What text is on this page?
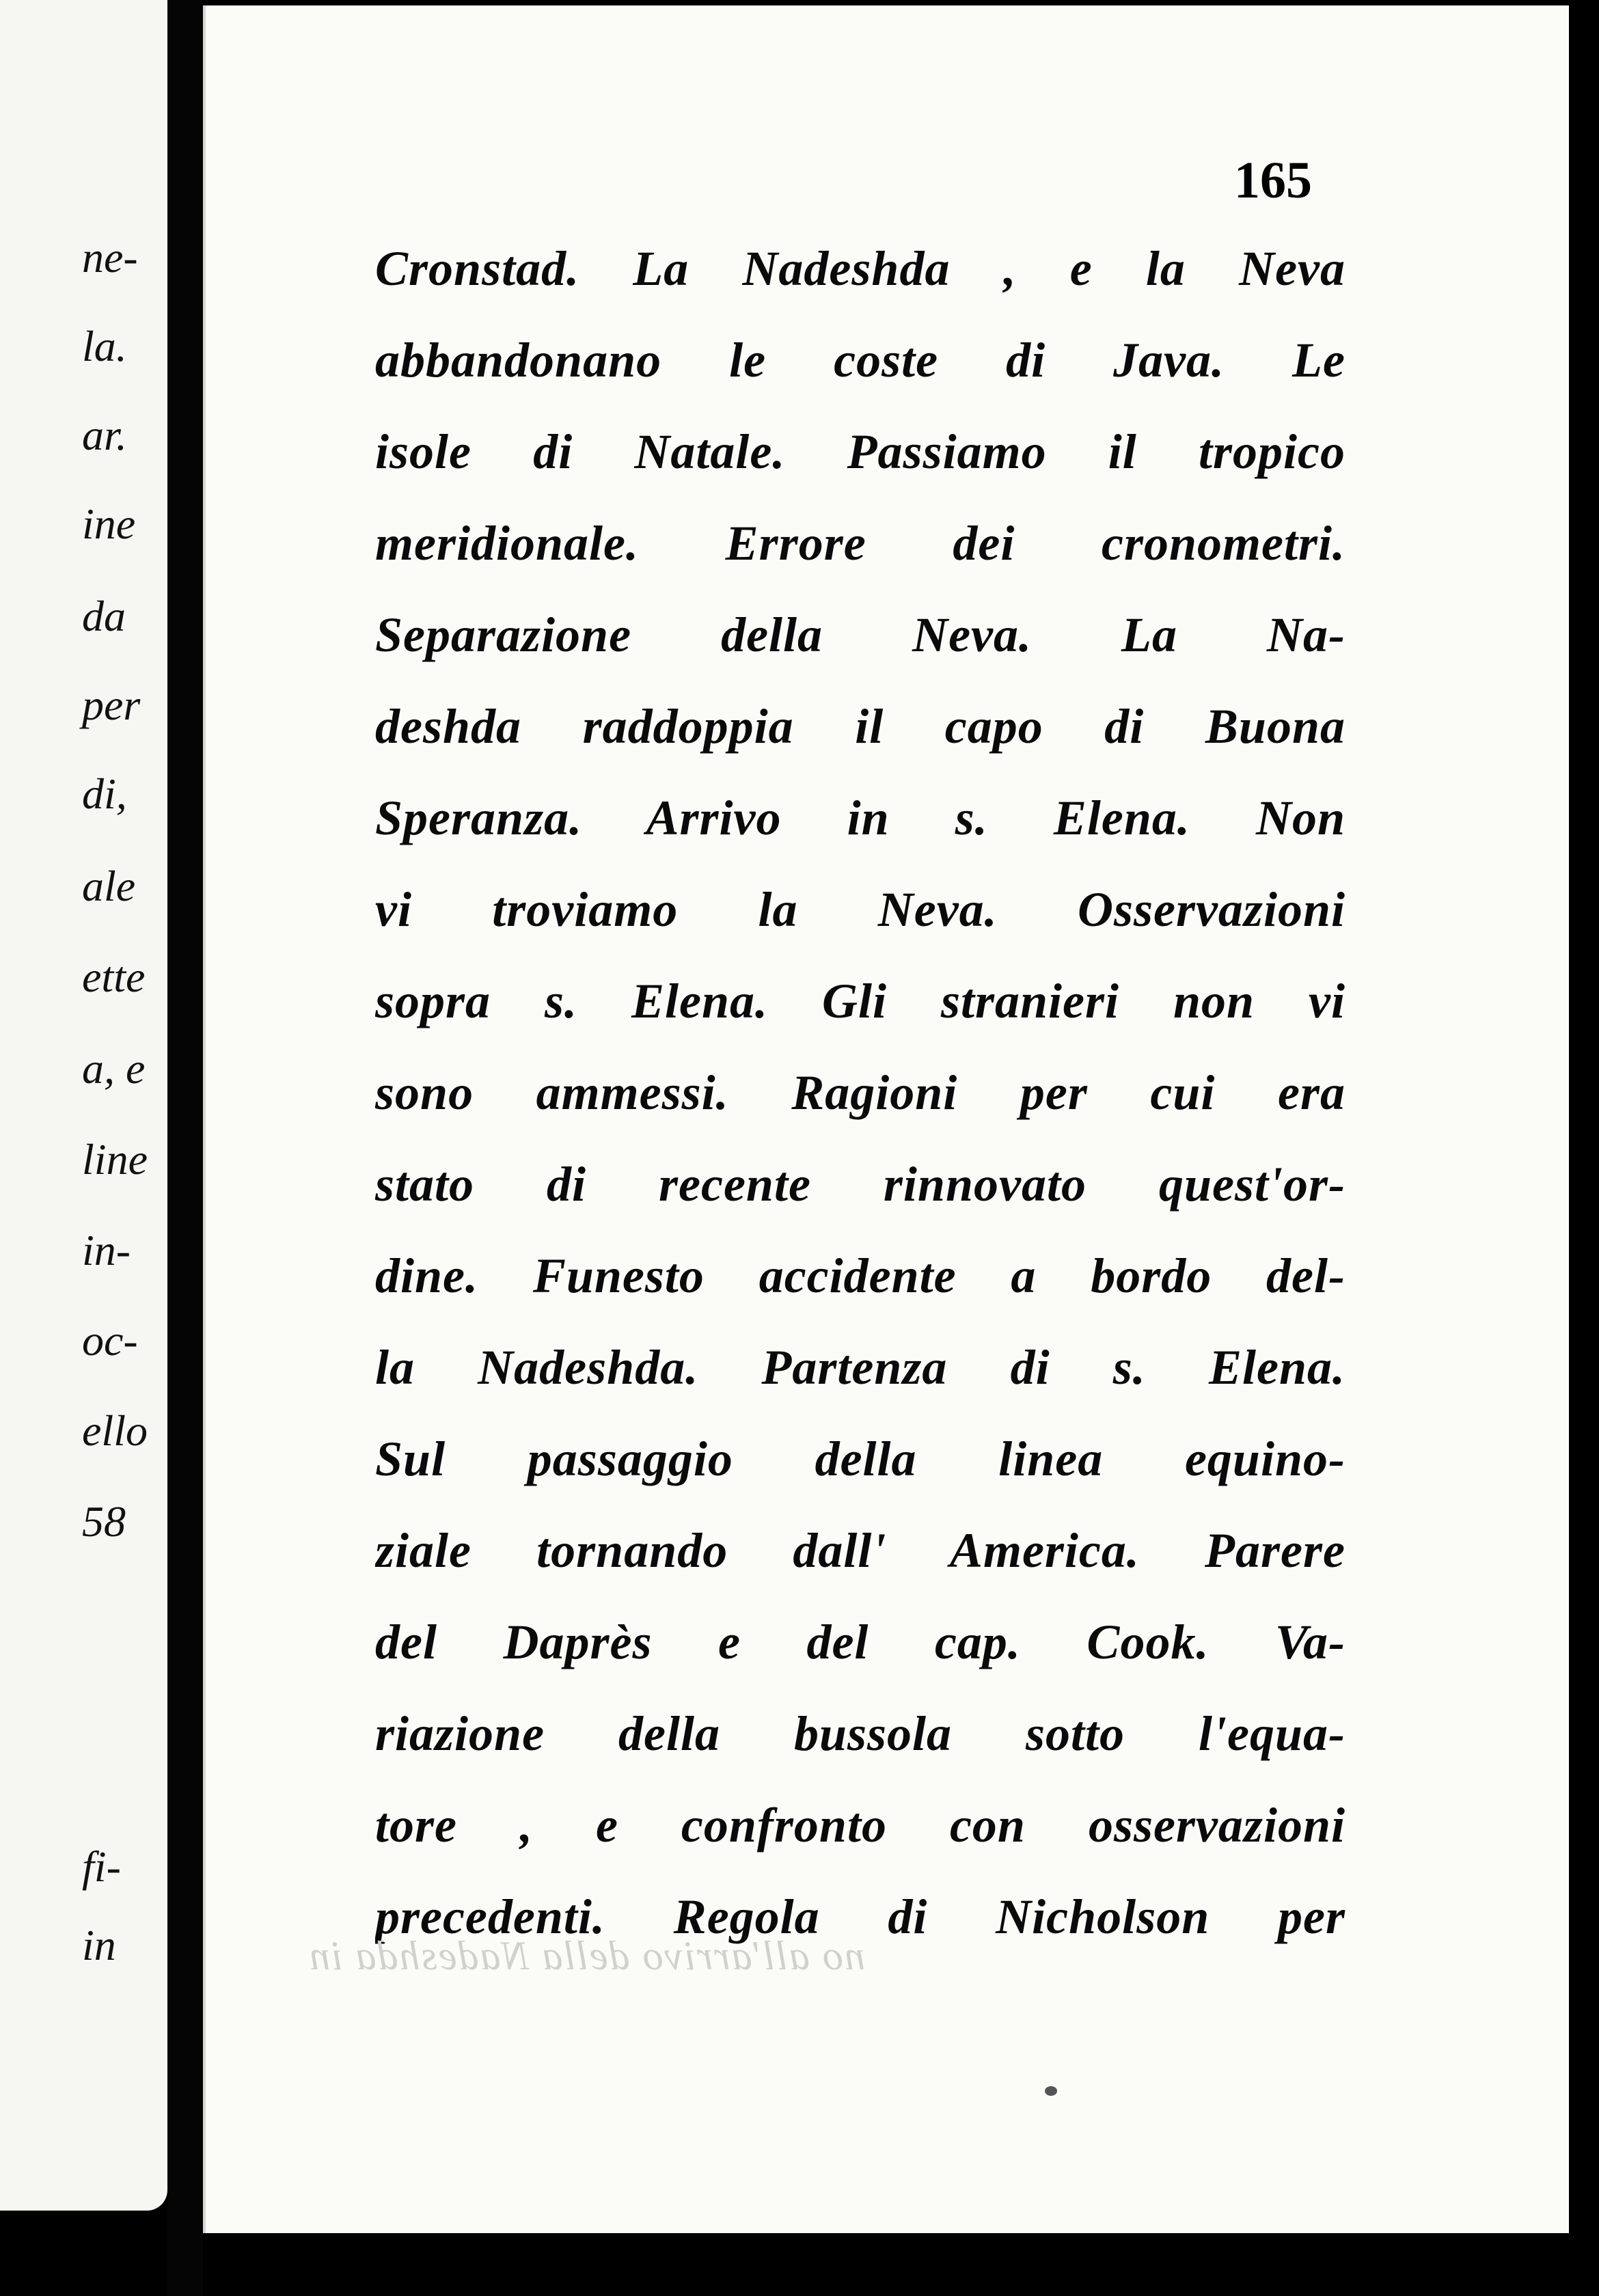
ne-
la.
ar.
ine
da
per
di,
ale
ette
a, e
line
in-
oc-
ello
58
fi-
in
165
Cronstad. La Nadeshda , e la Neva
abbandonano le coste di Java. Le
isole di Natale. Passiamo il tropico
meridionale. Errore dei cronometri.
Separazione della Neva. La Na-
deshda raddoppia il capo di Buona
Speranza. Arrivo in s. Elena. Non
vi troviamo la Neva. Osservazioni
sopra s. Elena. Gli stranieri non vi
sono ammessi. Ragioni per cui era
stato di recente rinnovato quest'or-
dine. Funesto accidente a bordo del-
la Nadeshda. Partenza di s. Elena.
Sul passaggio della linea equino-
ziale tornando dall' America. Parere
del Daprès e del cap. Cook. Va-
riazione della bussola sotto l'equa-
tore , e confronto con osservazioni
precedenti. Regola di Nicholson per
no all'arrivo della Nadeshda in
